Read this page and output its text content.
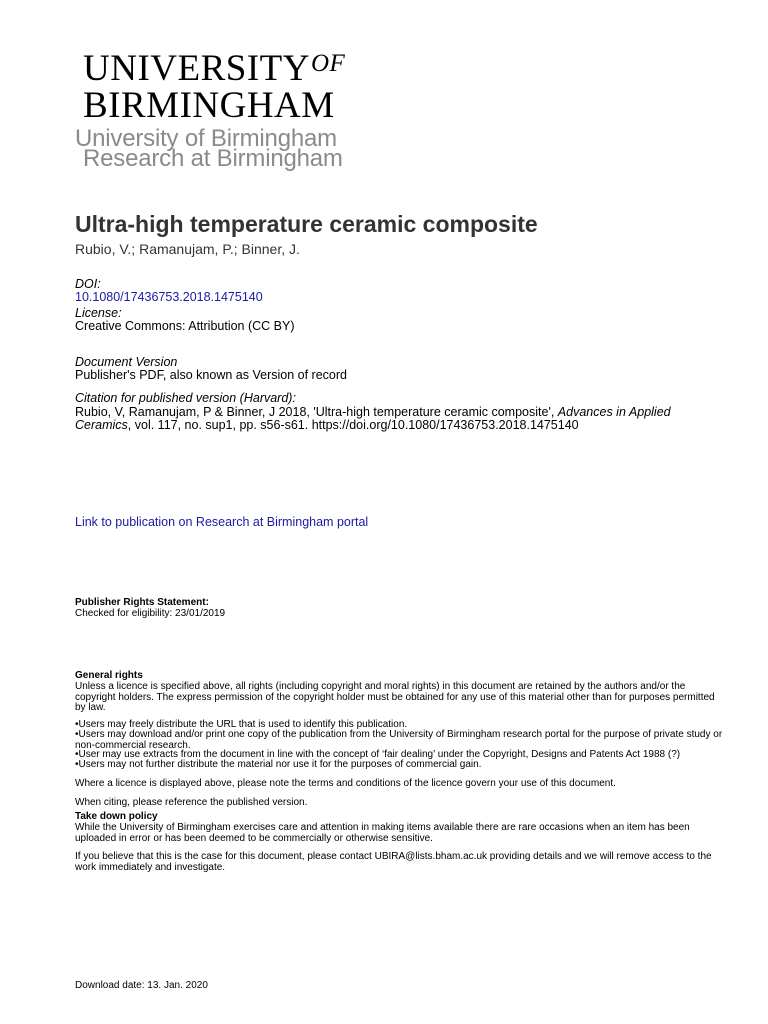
$UNIVERSITY^{OF}$
BIRMINGHAM
University of Birmingham
Research at Birmingham
Ultra-high temperature ceramic composite
Rubio, V.; Ramanujam, P.; Binner, J.
DOI:
10.1080/17436753.2018.1475140
License:
Creative Commons: Attribution (CC BY)
Document Version
Publisher's PDF, also known as Version of record
Citation for published version (Harvard):
Rubio, V, Ramanujam, P & Binner, J 2018, 'Ultra-high temperature ceramic composite', Advances in Applied
Ceramics, vol. 117, no. sup1, pp. s56-s61. https://doi.org/10.1080/17436753.2018.1475140
Link to publication on Research at Birmingham portal
Publisher Rights Statement:
Checked for eligibility: 23/01/2019
General rights
Unless a licence is specified above, all rights (including copyright and moral rights) in this document are retained by the authors and/or the copyright holders. The express permission of the copyright holder must be obtained for any use of this material other than for purposes permitted by law.
•Users may freely distribute the URL that is used to identify this publication.
•Users may download and/or print one copy of the publication from the University of Birmingham research portal for the purpose of private study or non-commercial research.
•User may use extracts from the document in line with the concept of ‘fair dealing’ under the Copyright, Designs and Patents Act 1988 (?)
•Users may not further distribute the material nor use it for the purposes of commercial gain.
Where a licence is displayed above, please note the terms and conditions of the licence govern your use of this document.
When citing, please reference the published version.
Take down policy
While the University of Birmingham exercises care and attention in making items available there are rare occasions when an item has been uploaded in error or has been deemed to be commercially or otherwise sensitive.
If you believe that this is the case for this document, please contact UBIRA@lists.bham.ac.uk providing details and we will remove access to the work immediately and investigate.
Download date: 13. Jan. 2020
